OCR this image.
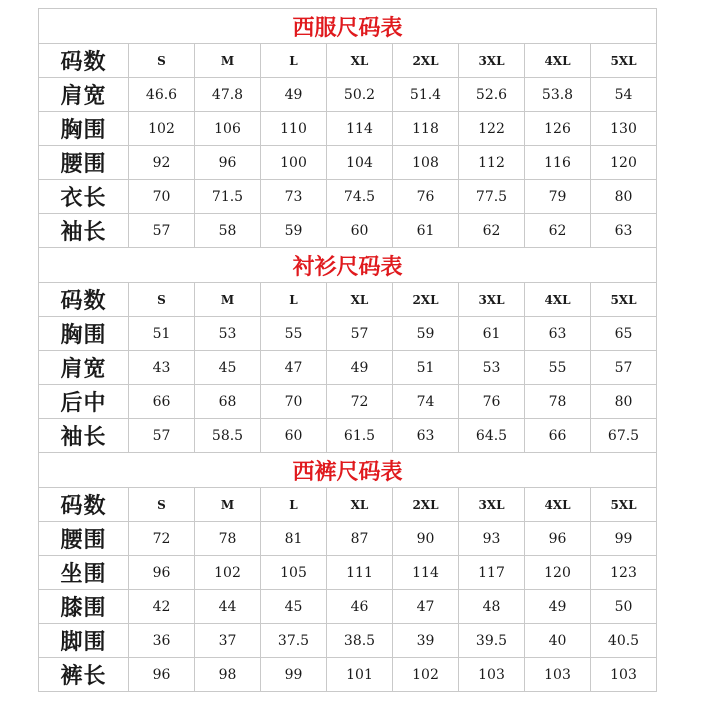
西服尺码表
码数	S	M	L	XL	2XL	3XL	4XL	5XL
肩宽	46.6	47.8	49	50.2	51.4	52.6	53.8	54
胸围	102	106	110	114	118	122	126	130
腰围	92	96	100	104	108	112	116	120
衣长	70	71.5	73	74.5	76	77.5	79	80
袖长	57	58	59	60	61	62	62	63
衬衫尺码表
码数	S	M	L	XL	2XL	3XL	4XL	5XL
胸围	51	53	55	57	59	61	63	65
肩宽	43	45	47	49	51	53	55	57
后中	66	68	70	72	74	76	78	80
袖长	57	58.5	60	61.5	63	64.5	66	67.5
西裤尺码表
码数	S	M	L	XL	2XL	3XL	4XL	5XL
腰围	72	78	81	87	90	93	96	99
坐围	96	102	105	111	114	117	120	123
膝围	42	44	45	46	47	48	49	50
脚围	36	37	37.5	38.5	39	39.5	40	40.5
裤长	96	98	99	101	102	103	103	103
